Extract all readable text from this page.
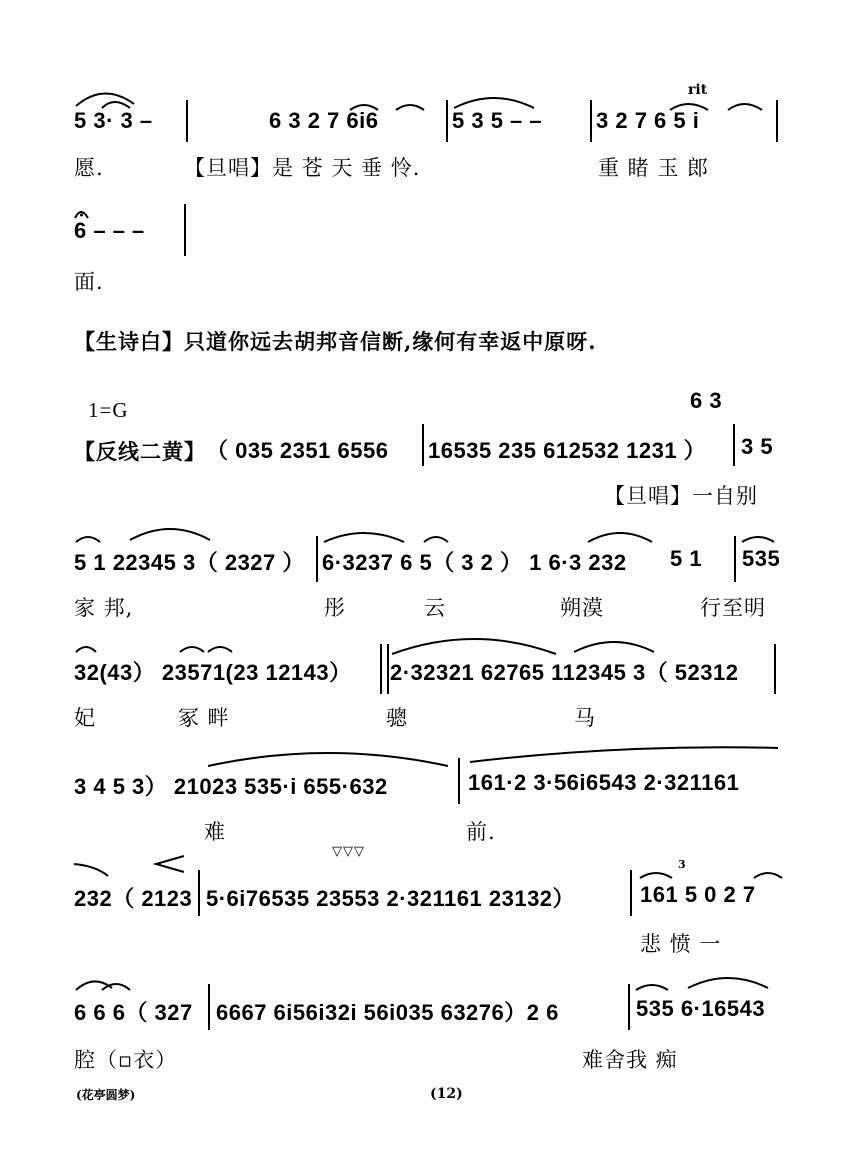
rit
5 3· 3 –	6 3 2 7 6i6	5 3 5 – – 3 2 7 6 5 i
愿.	【旦唱】是 苍 天 垂 怜.	重 睹 玉 郎
6 – – –
面.
【生诗白】只道你远去胡邦音信断,缘何有幸返中原呀.
1=G	6 3
【反线二黄】 （ 035 2351 6556 16535 235 612532 1231 ） 3 5
【旦唱】一自别
5 1 22345 3（ 2327 ） 6·3237 6 5（ 3 2 ） 1 6·3 232 5 1 535
家 邦,	彤	云	朔漠	行至明
32(43） 23571(23 12143） 2·32321 62765 112345 3（ 52312
妃	冢 畔	骢	马
3 4 5 3） 21023 535·i 655·632	161·2 3·56i6543 2·321161
难	前.
▽▽▽
3
232（ 2123 5·6i76535 23553 2·321161 23132）	161 5 0 2 7
悲 愤 一
6 6 6（ 327 6667 6i56i32i 56i035 63276）2 6	535 6·16543
腔（▫衣）	难舍我 痴
(花亭圆梦)	(12)
